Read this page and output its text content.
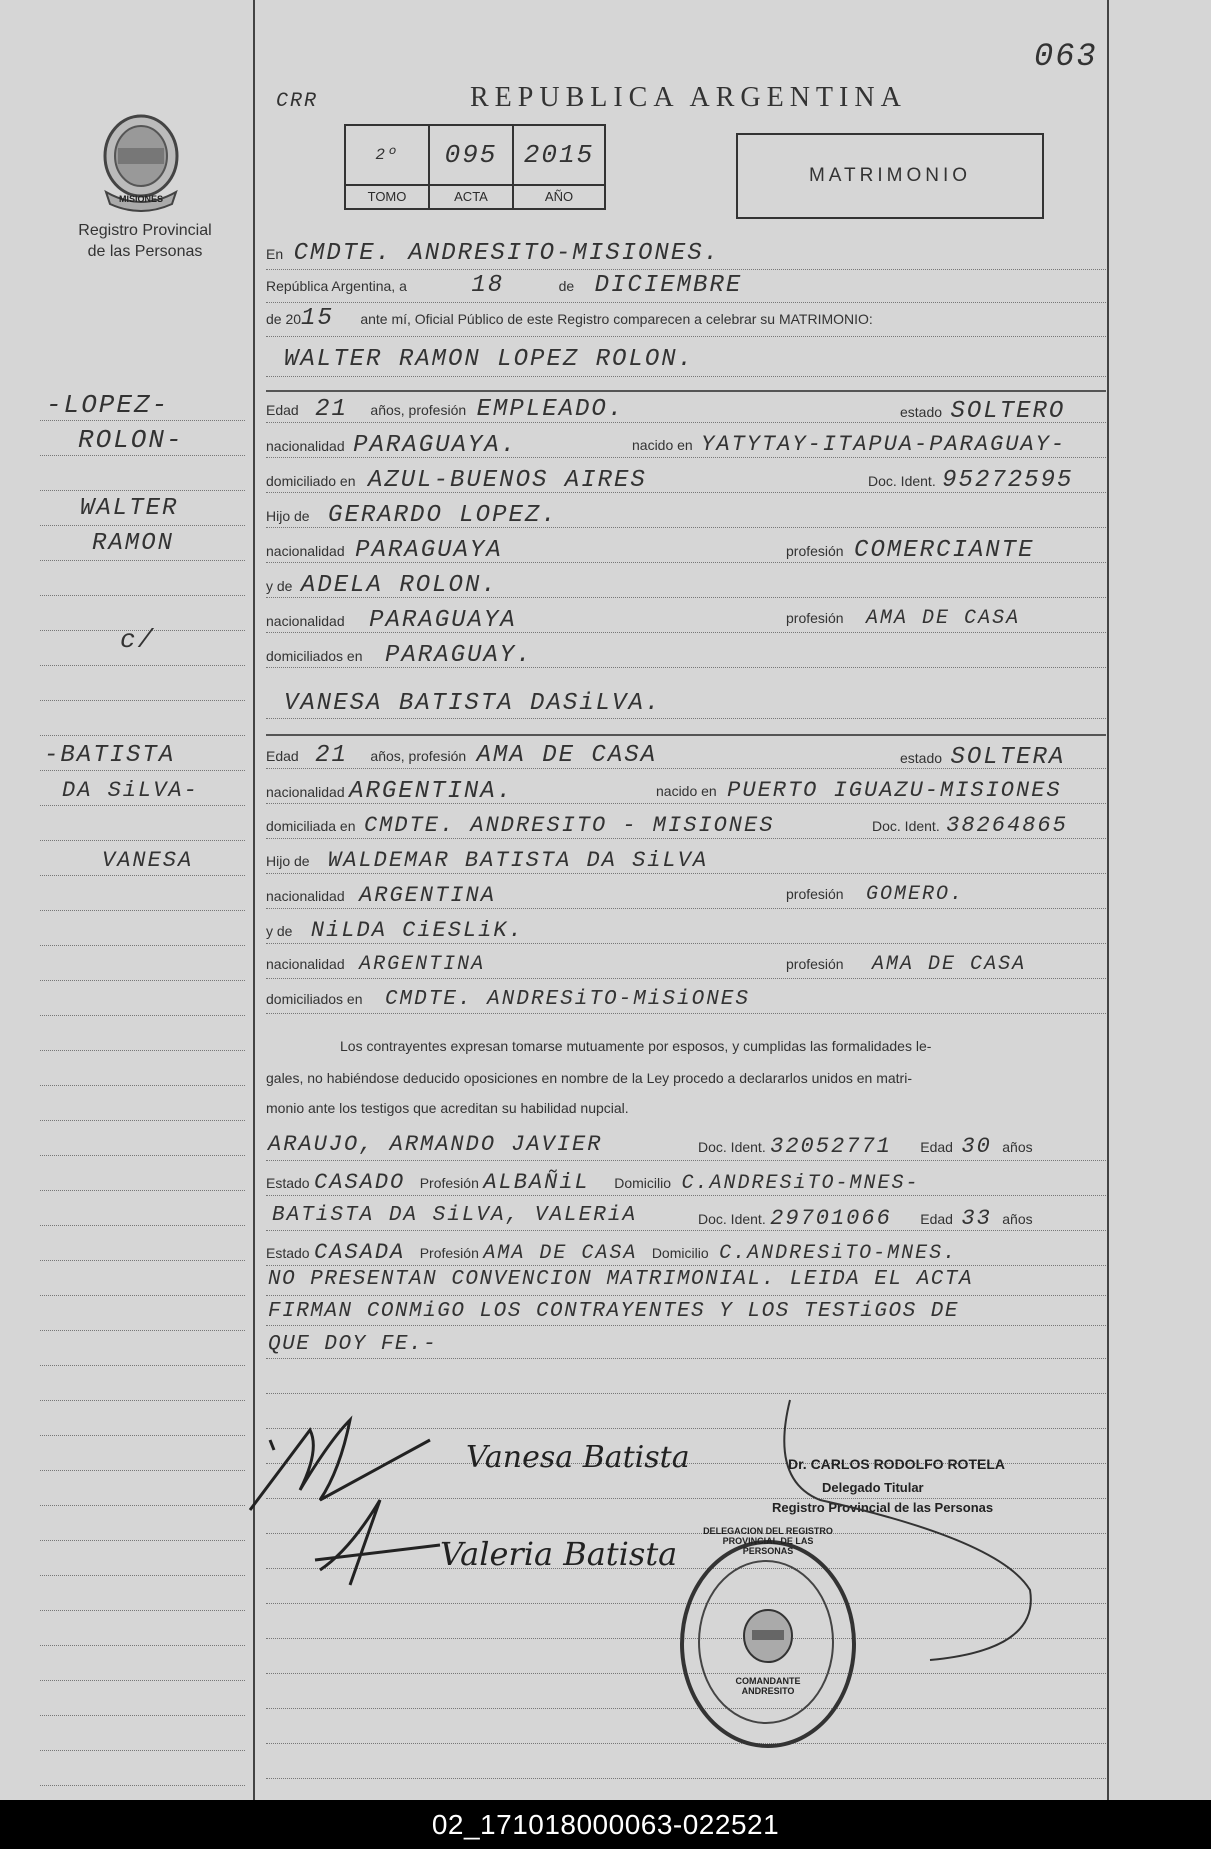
063
CRR	REPUBLICA ARGENTINA
2º	095	2015
TOMO	ACTA	AÑO
MATRIMONIO
MISIONES
Registro Provincial
de las Personas
-LOPEZ-
ROLON-
WALTER
RAMON
c/
-BATISTA
DA SiLVA-
VANESA
En CMDTE. ANDRESITO-MISIONES.
República Argentina, a	18	de DICIEMBRE
de 2015 ante mí, Oficial Público de este Registro comparecen a celebrar su MATRIMONIO:
WALTER RAMON LOPEZ ROLON.
Edad 21 años, profesión EMPLEADO.	estado SOLTERO
nacionalidad PARAGUAYA.	nacido en YATYTAY-ITAPUA-PARAGUAY-
domiciliado en AZUL-BUENOS AIRES	Doc. Ident. 95272595
Hijo de GERARDO LOPEZ.
nacionalidad PARAGUAYA	profesión COMERCIANTE
y de ADELA ROLON.
nacionalidad PARAGUAYA	profesión AMA DE CASA
domiciliados en PARAGUAY.
VANESA BATISTA DASiLVA.
Edad 21 años, profesión AMA DE CASA	estado SOLTERA
nacionalidad ARGENTINA.	nacido en PUERTO IGUAZU-MISIONES
domiciliada en CMDTE. ANDRESITO - MISIONES	Doc. Ident. 38264865
Hijo de WALDEMAR BATISTA DA SiLVA
nacionalidad ARGENTINA	profesión GOMERO.
y de NiLDA CiESLiK.
nacionalidad ARGENTINA	profesión AMA DE CASA
domiciliados en CMDTE. ANDRESiTO-MiSiONES
Los contrayentes expresan tomarse mutuamente por esposos, y cumplidas las formalidades le-
gales, no habiéndose deducido oposiciones en nombre de la Ley procedo a declararlos unidos en matri-
monio ante los testigos que acreditan su habilidad nupcial.
ARAUJO, ARMANDO JAVIER	Doc. Ident. 32052771 Edad 30 años
Estado CASADO Profesión ALBAÑiL Domicilio C.ANDRESiTO-MNES-
BATiSTA DA SiLVA, VALERiA	Doc. Ident. 29701066 Edad 33 años
Estado CASADA Profesión AMA DE CASA Domicilio C.ANDRESiTO-MNES.
NO PRESENTAN CONVENCION MATRIMONIAL. LEIDA EL ACTA
FIRMAN CONMiGO LOS CONTRAYENTES Y LOS TESTiGOS DE
QUE DOY FE.-
Vanesa Batista
Valeria Batista
Dr. CARLOS RODOLFO ROTELA
Delegado Titular
Registro Provincial de las Personas
DELEGACION DEL REGISTRO PROVINCIAL DE LAS PERSONAS
COMANDANTE ANDRESITO
02_171018000063-022521
